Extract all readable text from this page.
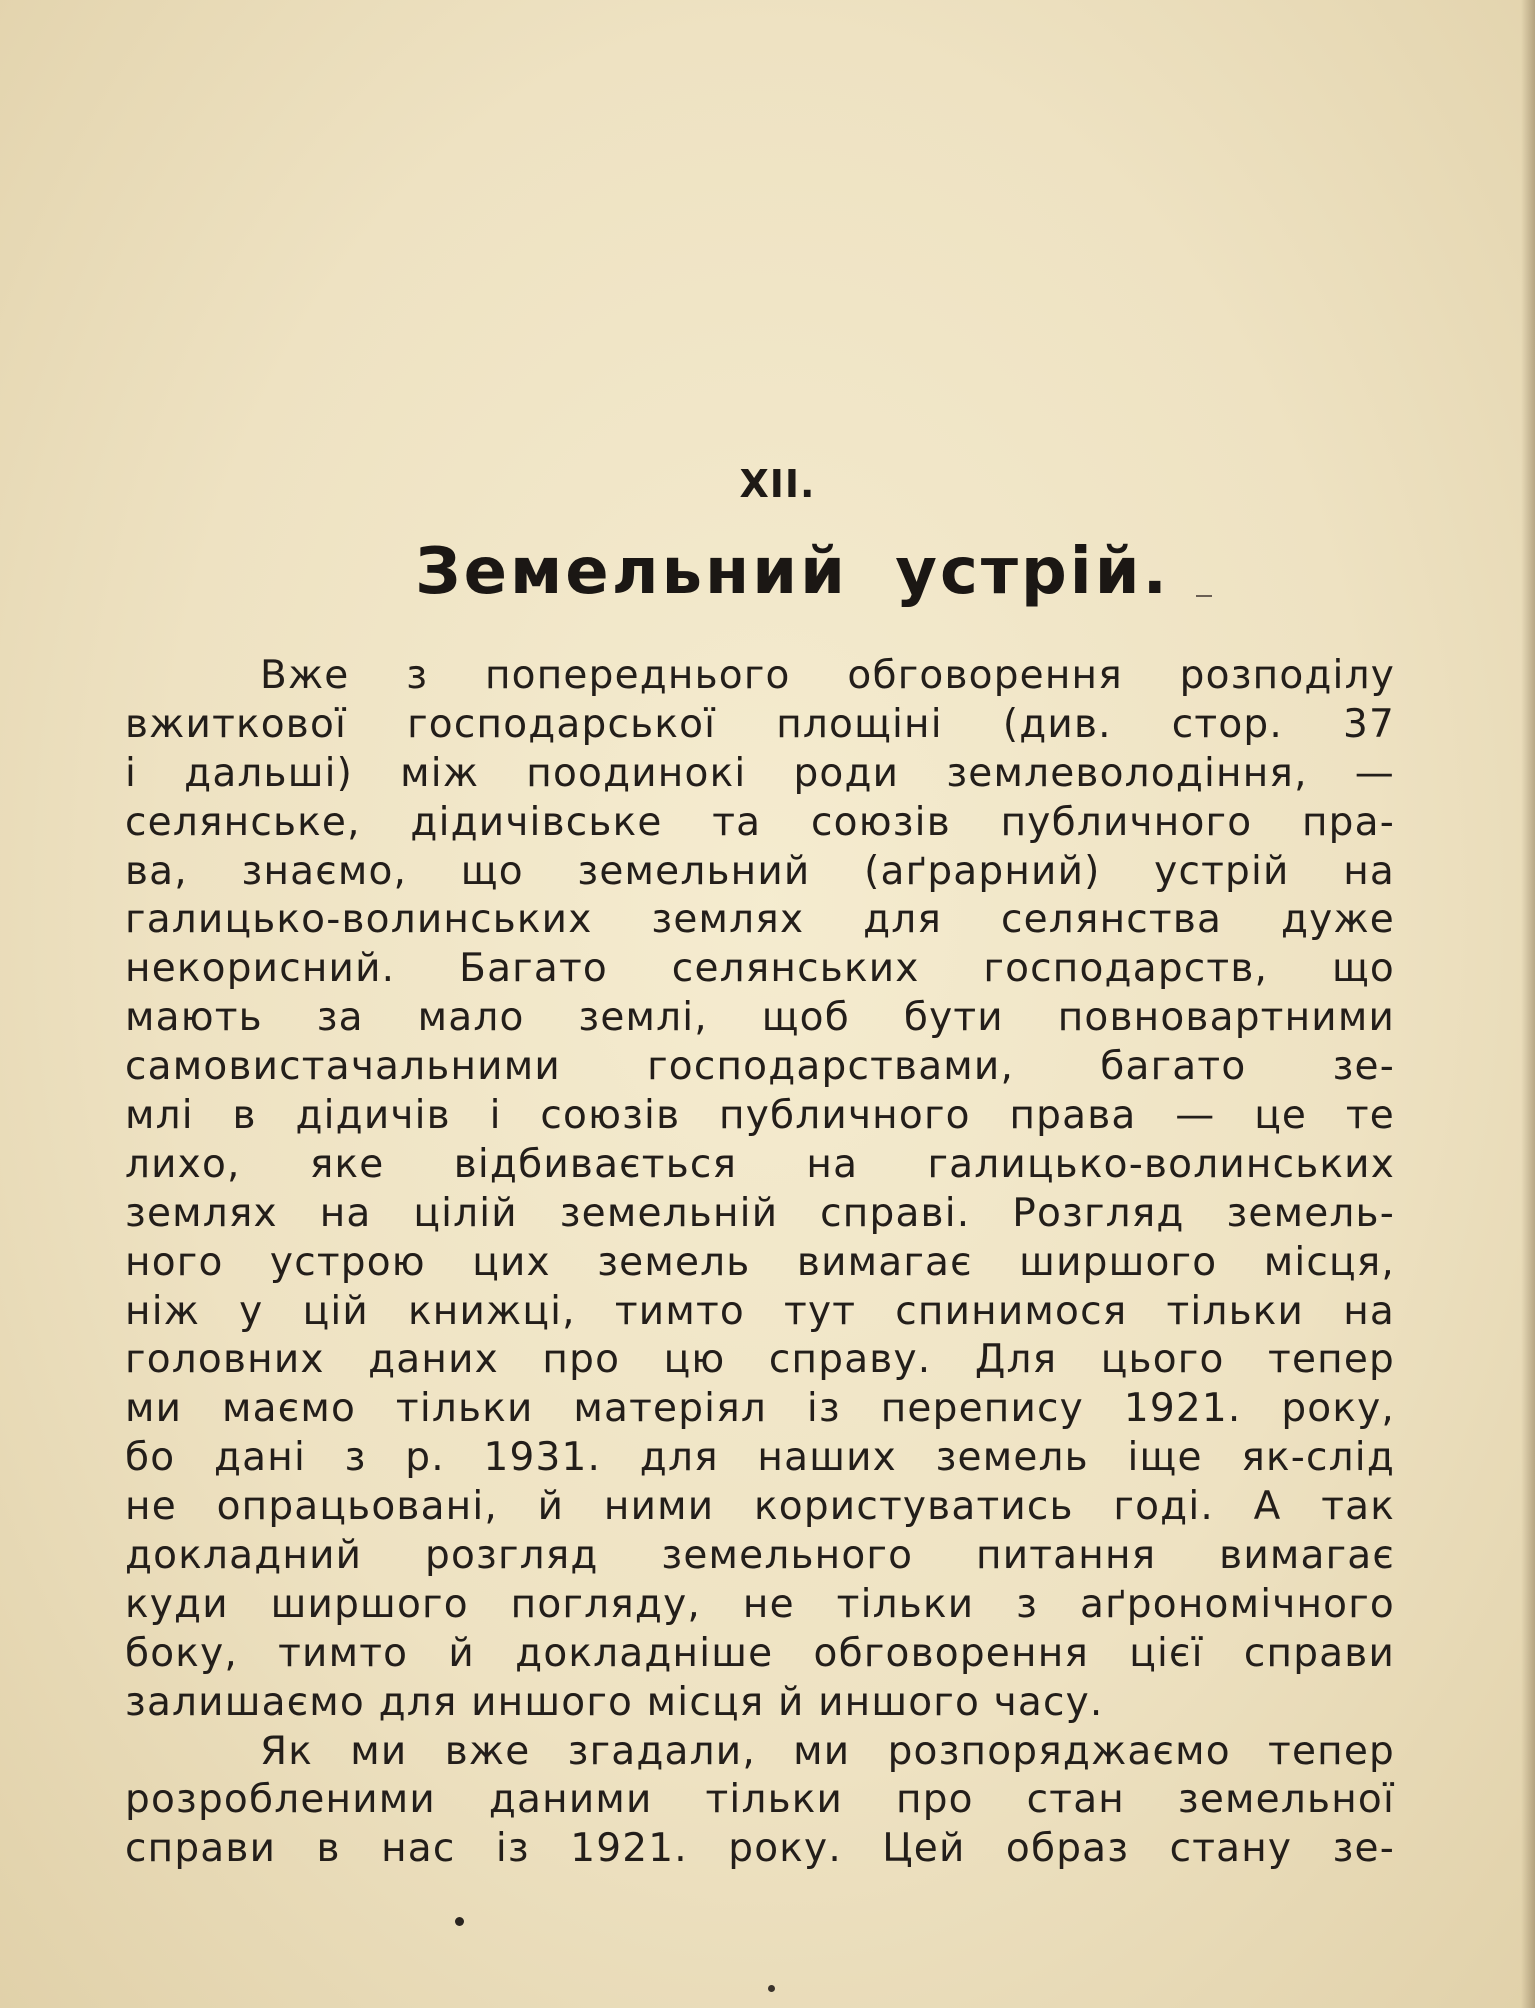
XII.
Земельний устрій.
Вже з попереднього обговорення розподілу
вжиткової господарської площіні (див. стор. 37
і дальші) між поодинокі роди землеволодіння, —
селянське, дідичівське та союзів публичного пра-
ва, знаємо, що земельний (аґрарний) устрій на
галицько-волинських землях для селянства дуже
некорисний. Багато селянських господарств, що
мають за мало землі, щоб бути повновартними
самовистачальними господарствами, багато зе-
млі в дідичів і союзів публичного права — це те
лихо, яке відбивається на галицько-волинських
землях на цілій земельній справі. Розгляд земель-
ного устрою цих земель вимагає ширшого місця,
ніж у цій книжці, тимто тут спинимося тільки на
головних даних про цю справу. Для цього тепер
ми маємо тільки матеріял із перепису 1921. року,
бо дані з р. 1931. для наших земель іще як-слід
не опрацьовані, й ними користуватись годі. А так
докладний розгляд земельного питання вимагає
куди ширшого погляду, не тільки з аґрономічного
боку, тимто й докладніше обговорення цієї справи
залишаємо для иншого місця й иншого часу.
Як ми вже згадали, ми розпоряджаємо тепер
розробленими даними тільки про стан земельної
справи в нас із 1921. року. Цей образ стану зе-
